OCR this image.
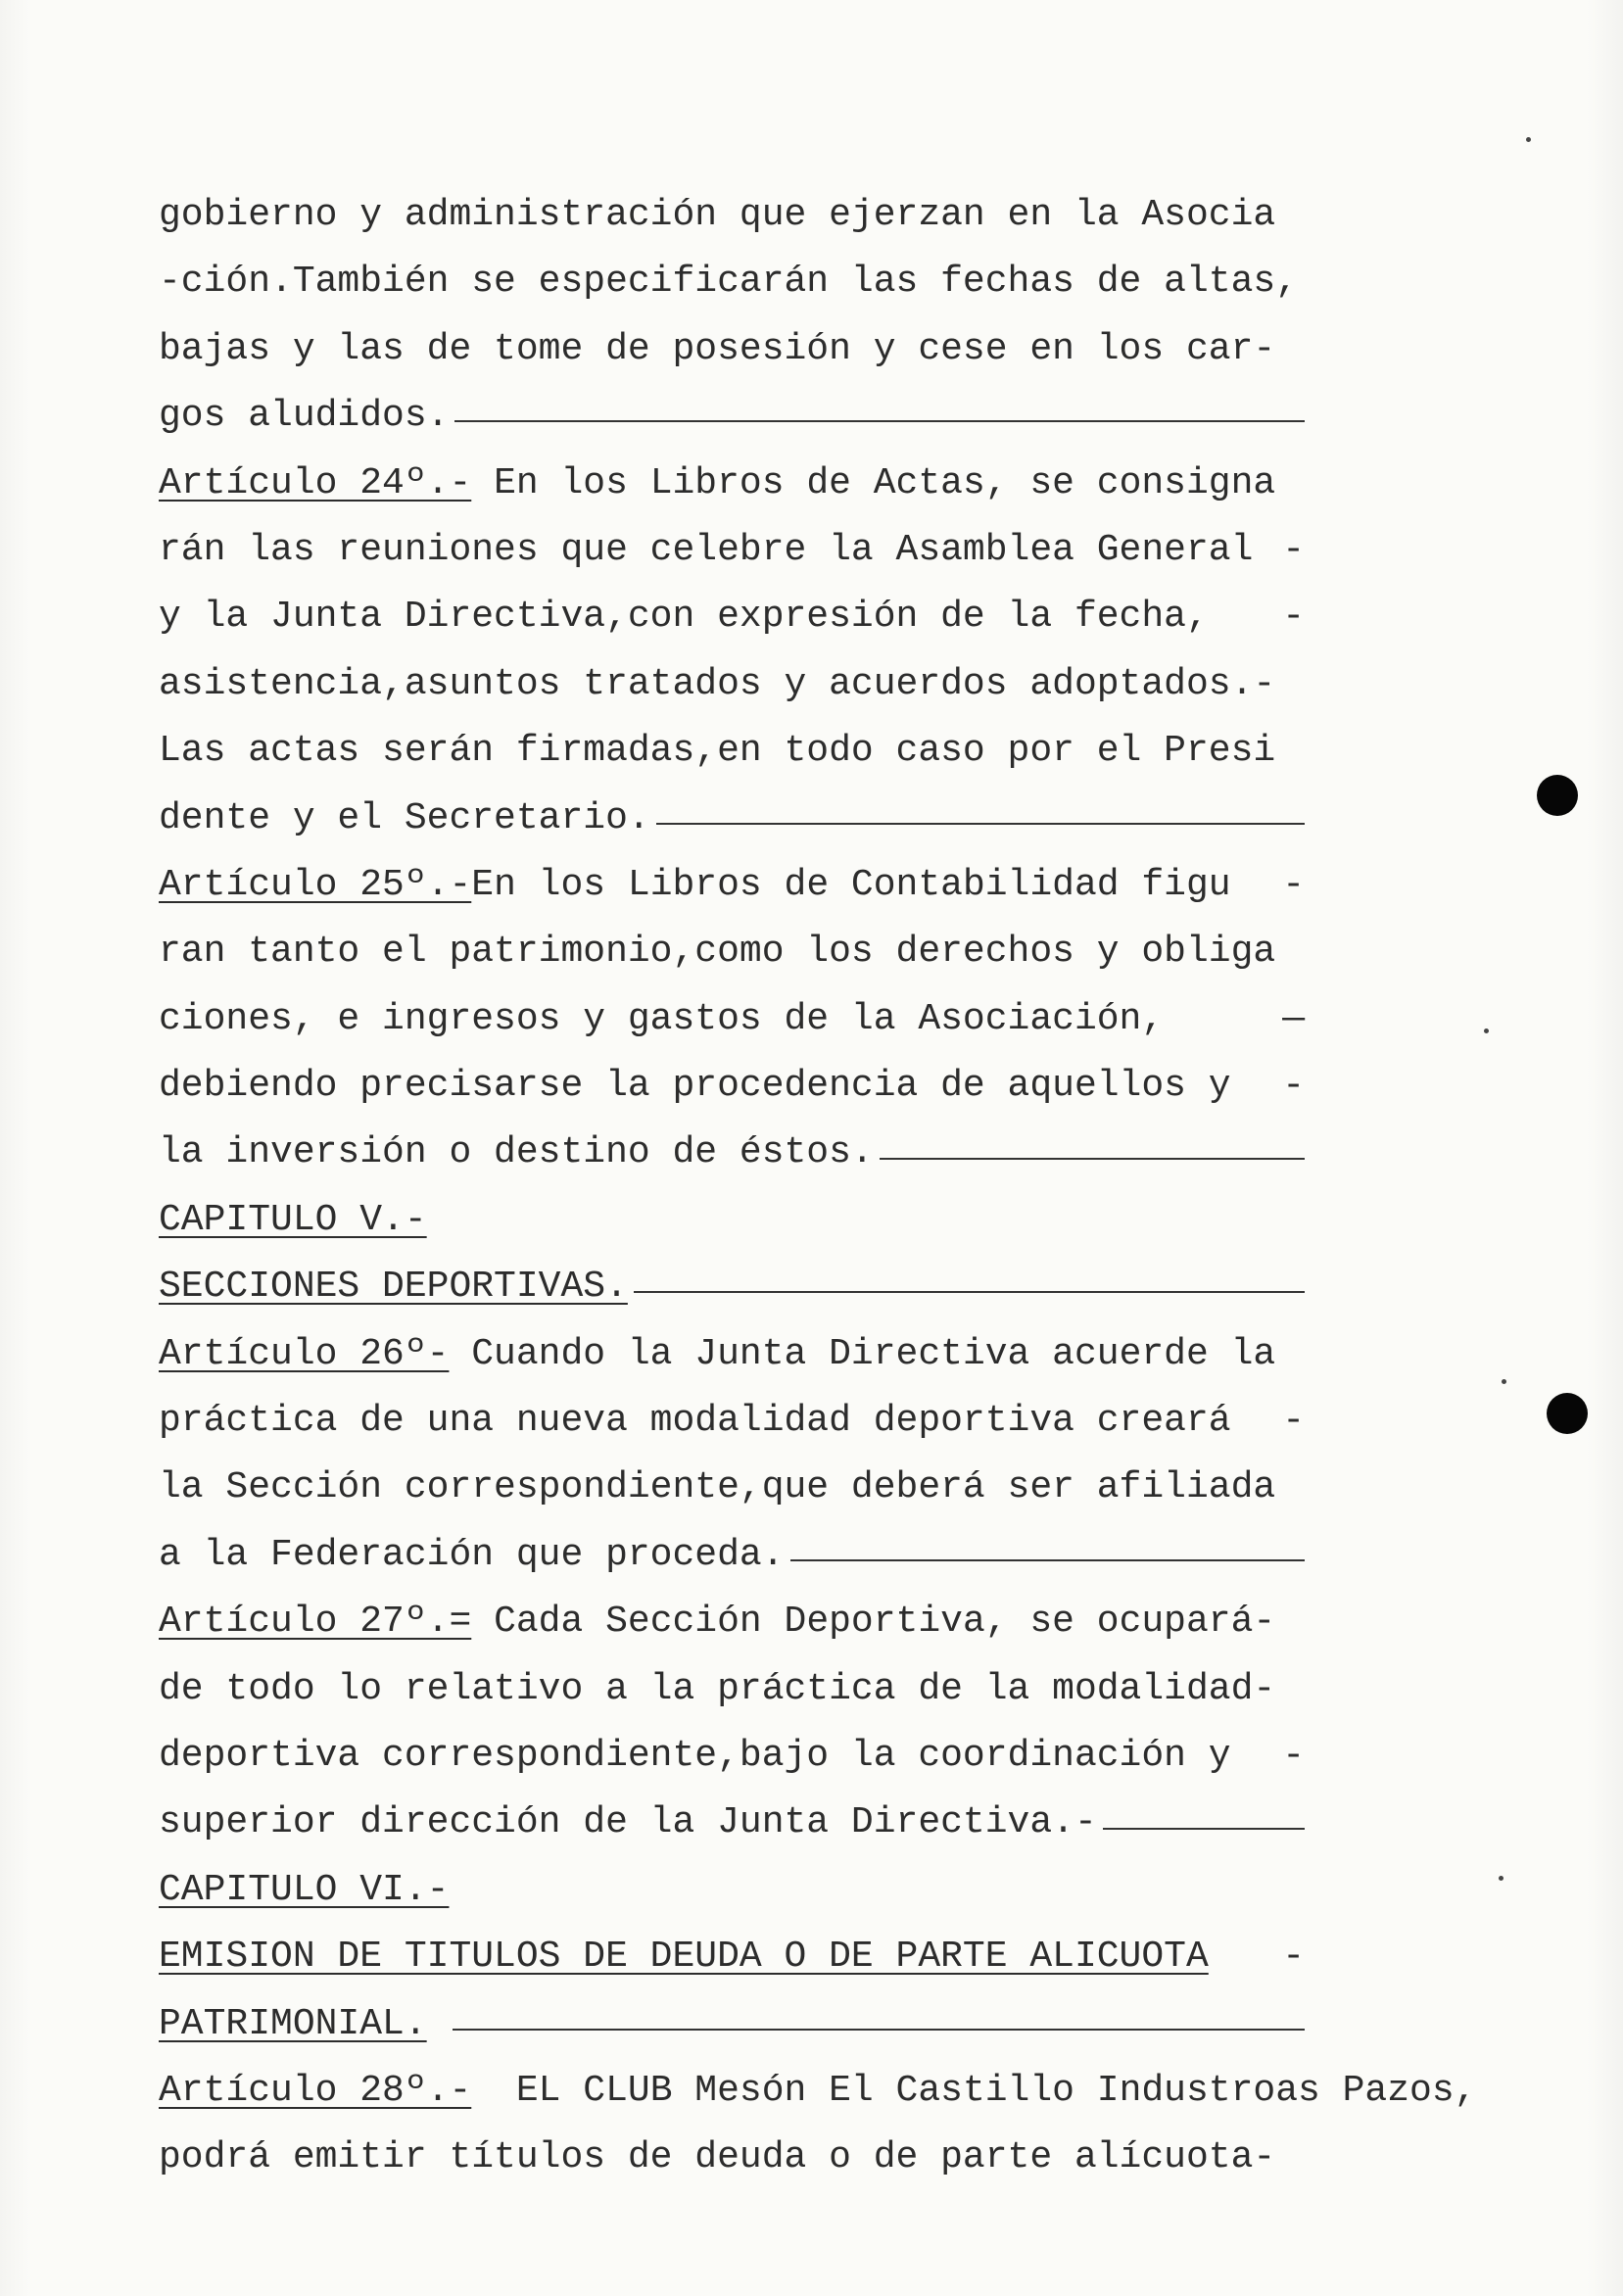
gobierno y administración que ejerzan en la Asocia
-ción.También se especificarán las fechas de altas,
bajas y las de tome de posesión y cese en los car-
gos aludidos.
Artículo 24º.- En los Libros de Actas, se consigna
rán las reuniones que celebre la Asamblea General -
y la Junta Directiva,con expresión de la fecha, -
asistencia,asuntos tratados y acuerdos adoptados.-
Las actas serán firmadas,en todo caso por el Presi
dente y el Secretario.
Artículo 25º.- En los Libros de Contabilidad figu -
ran tanto el patrimonio,como los derechos y obliga
ciones, e ingresos y gastos de la Asociación,	—
debiendo precisarse la procedencia de aquellos y -
la inversión o destino de éstos.
CAPITULO V.-
SECCIONES DEPORTIVAS.
Artículo 26º- Cuando la Junta Directiva acuerde la
práctica de una nueva modalidad deportiva creará -
la Sección correspondiente,que deberá ser afiliada
a la Federación que proceda.
Artículo 27º.= Cada Sección Deportiva, se ocupará-
de todo lo relativo a la práctica de la modalidad-
deportiva correspondiente,bajo la coordinación y -
superior dirección de la Junta Directiva.-
CAPITULO VI.-
EMISION DE TITULOS DE DEUDA O DE PARTE ALICUOTA -
PATRIMONIAL.
Artículo 28º.- EL CLUB Mesón El Castillo Industroas Pazos,
podrá emitir títulos de deuda o de parte alícuota-
